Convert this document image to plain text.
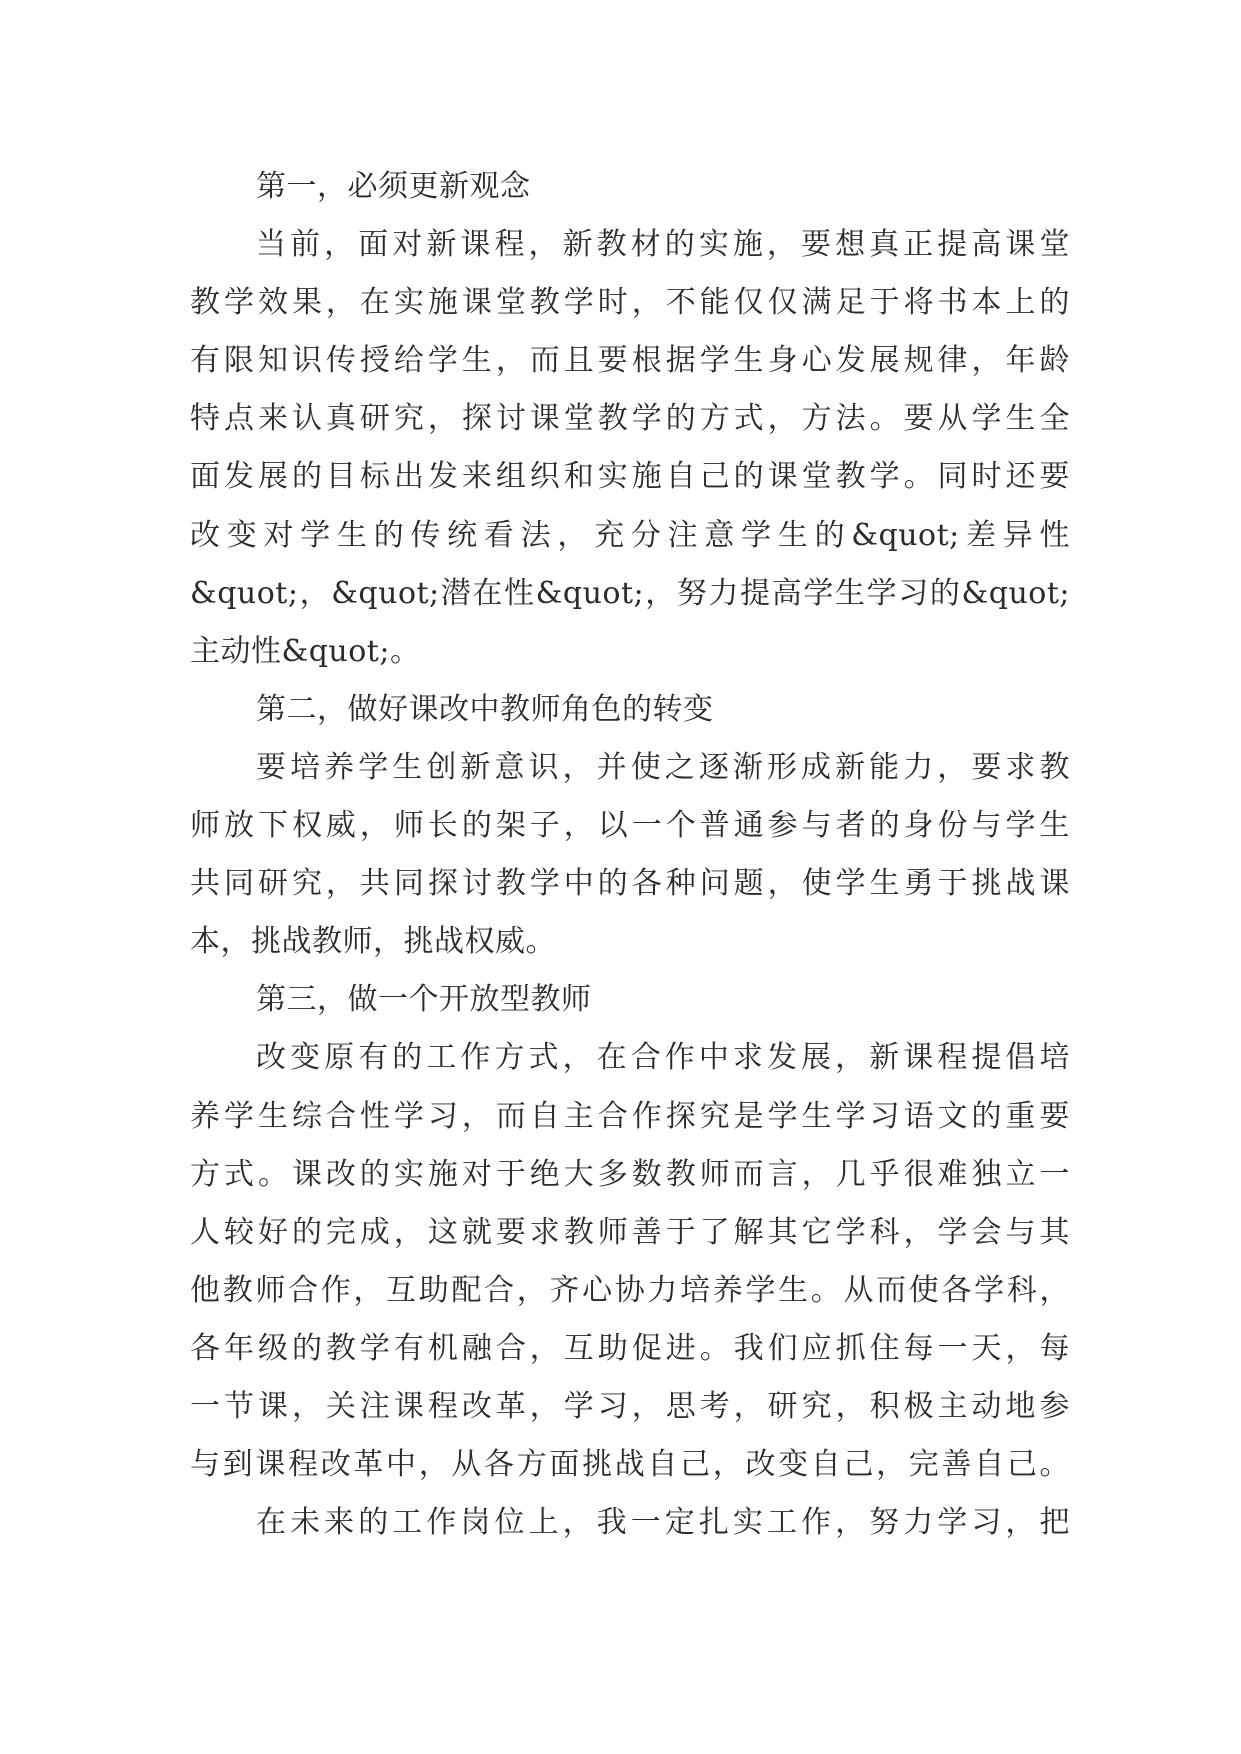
第一，必须更新观念
当前，面对新课程，新教材的实施，要想真正提高课堂
教学效果，在实施课堂教学时，不能仅仅满足于将书本上的
有限知识传授给学生，而且要根据学生身心发展规律，年龄
特点来认真研究，探讨课堂教学的方式，方法。要从学生全
面发展的目标出发来组织和实施自己的课堂教学。同时还要
改变对学生的传统看法，充分注意学生的&quot;差异性
&quot;，&quot;潜在性&quot;，努力提高学生学习的&quot;
主动性&quot;。
第二，做好课改中教师角色的转变
要培养学生创新意识，并使之逐渐形成新能力，要求教
师放下权威，师长的架子，以一个普通参与者的身份与学生
共同研究，共同探讨教学中的各种问题，使学生勇于挑战课
本，挑战教师，挑战权威。
第三，做一个开放型教师
改变原有的工作方式，在合作中求发展，新课程提倡培
养学生综合性学习，而自主合作探究是学生学习语文的重要
方式。课改的实施对于绝大多数教师而言，几乎很难独立一
人较好的完成，这就要求教师善于了解其它学科，学会与其
他教师合作，互助配合，齐心协力培养学生。从而使各学科，
各年级的教学有机融合，互助促进。我们应抓住每一天，每
一节课，关注课程改革，学习，思考，研究，积极主动地参
与到课程改革中，从各方面挑战自己，改变自己，完善自己。
在未来的工作岗位上，我一定扎实工作，努力学习，把
